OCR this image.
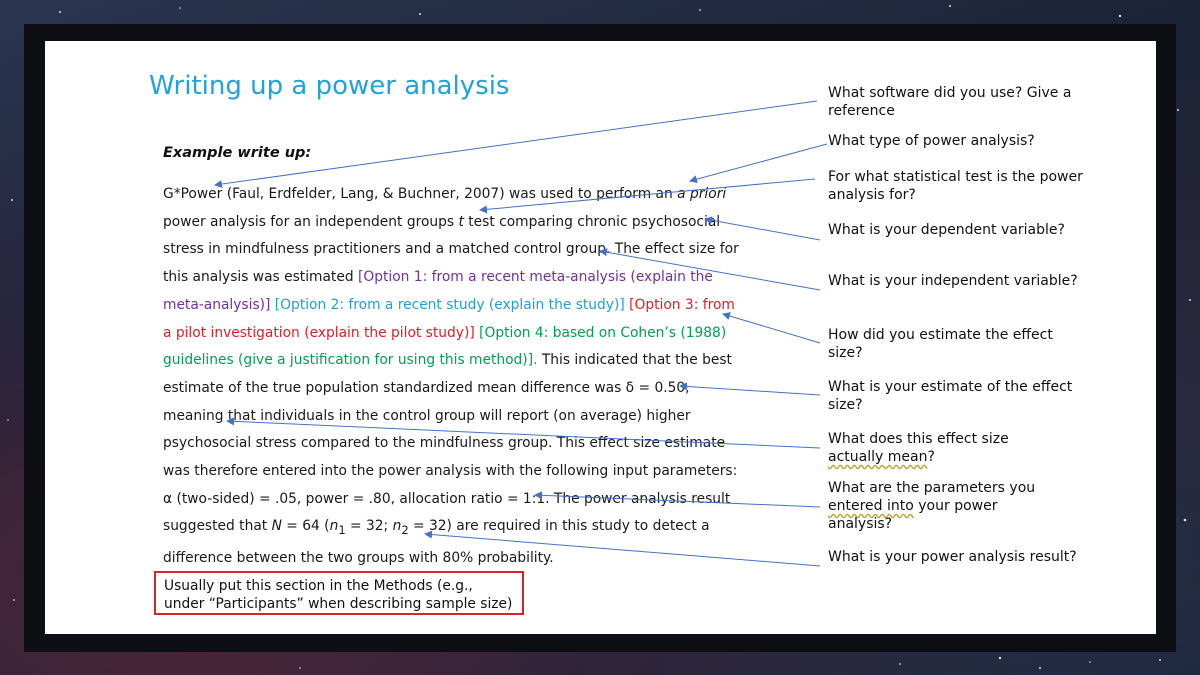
Writing up a power analysis
Example write up:
G*Power (Faul, Erdfelder, Lang, & Buchner, 2007) was used to perform an a priori
power analysis for an independent groups t test comparing chronic psychosocial
stress in mindfulness practitioners and a matched control group. The effect size for
this analysis was estimated [Option 1: from a recent meta-analysis (explain the
meta-analysis)] [Option 2: from a recent study (explain the study)] [Option 3: from
a pilot investigation (explain the pilot study)] [Option 4: based on Cohen’s (1988)
guidelines (give a justification for using this method)]. This indicated that the best
estimate of the true population standardized mean difference was δ = 0.50,
meaning that individuals in the control group will report (on average) higher
psychosocial stress compared to the mindfulness group. This effect size estimate
was therefore entered into the power analysis with the following input parameters:
α (two-sided) = .05, power = .80, allocation ratio = 1:1. The power analysis result
suggested that N = 64 ($n_1 = 32$; $n_2 = 32$) are required in this study to detect a
difference between the two groups with 80% probability.
Usually put this section in the Methods (e.g., under “Participants” when describing sample size)
What software did you use? Give a reference
What type of power analysis?
For what statistical test is the power analysis for?
What is your dependent variable?
What is your independent variable?
How did you estimate the effect size?
What is your estimate of the effect size?
What does this effect size
actually mean?
What are the parameters you
entered into your power
analysis?
What is your power analysis result?
